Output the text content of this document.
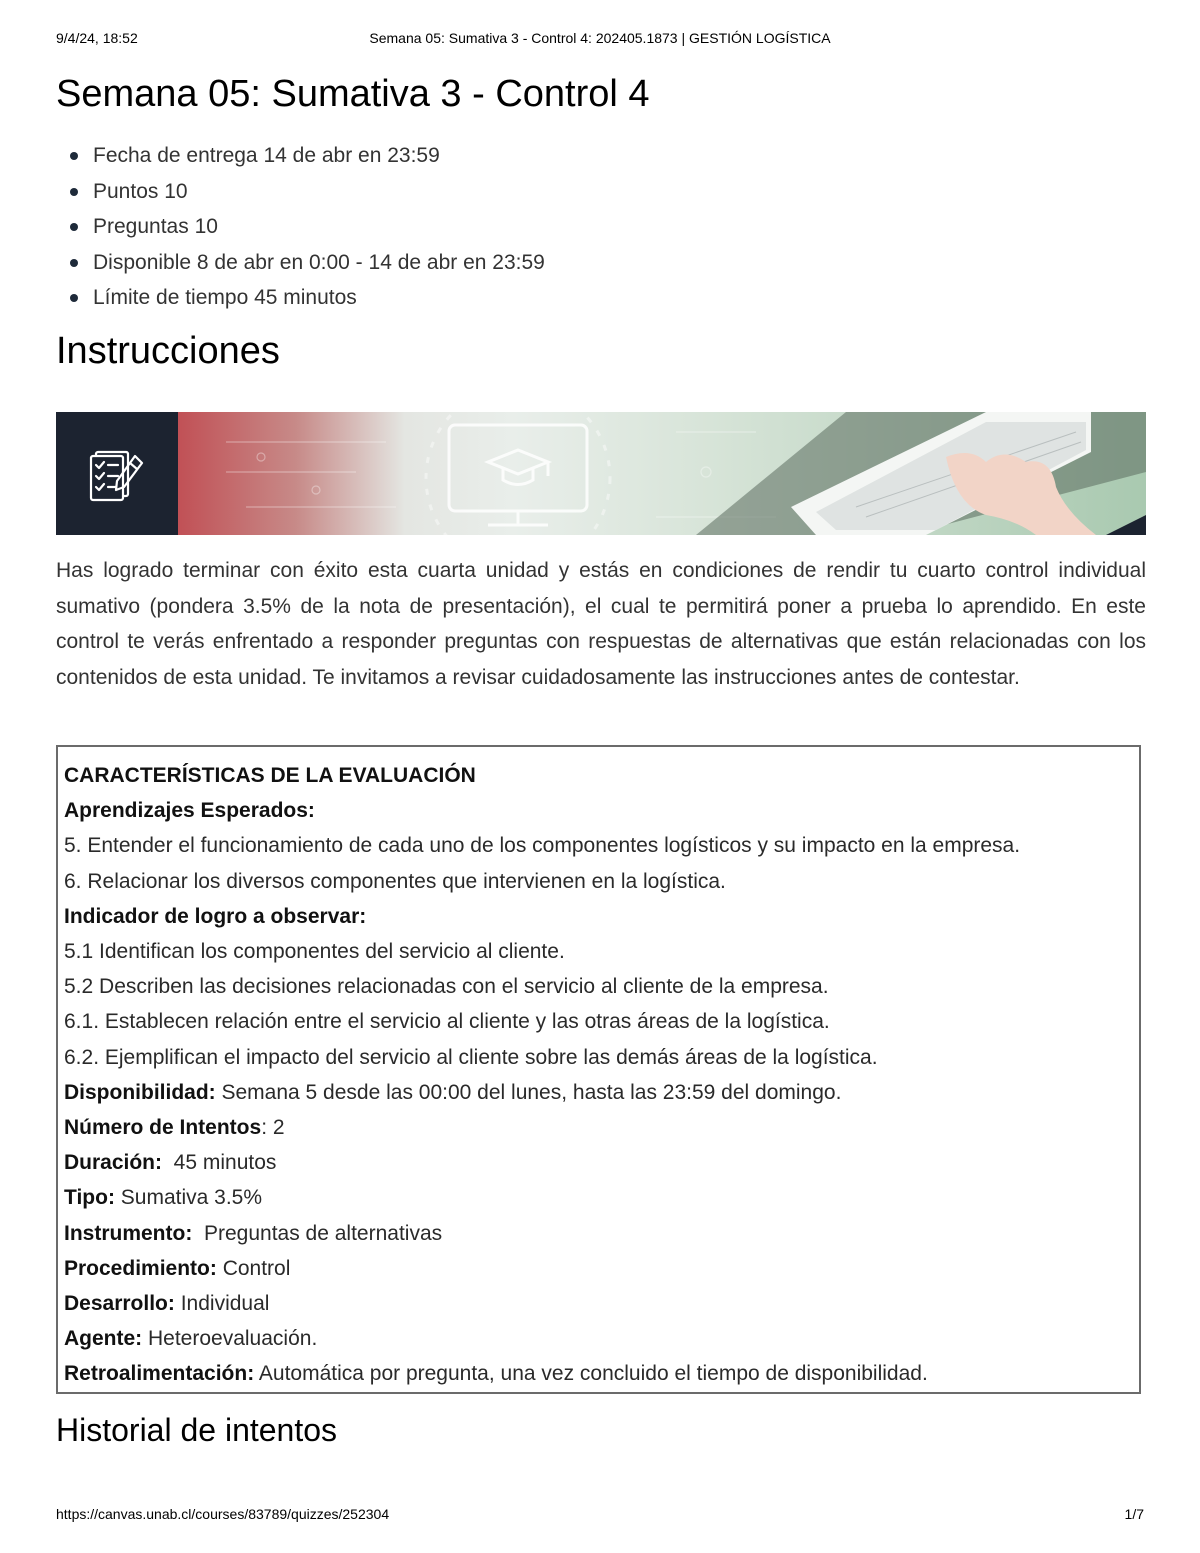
9/4/24, 18:52	Semana 05: Sumativa 3 - Control 4: 202405.1873 | GESTIÓN LOGÍSTICA
Semana 05: Sumativa 3 - Control 4
Fecha de entrega 14 de abr en 23:59
Puntos 10
Preguntas 10
Disponible 8 de abr en 0:00 - 14 de abr en 23:59
Límite de tiempo 45 minutos
Instrucciones

Has logrado terminar con éxito esta cuarta unidad y estás en condiciones de rendir tu cuarto control individual sumativo (pondera 3.5% de la nota de presentación), el cual te permitirá poner a prueba lo aprendido. En este control te verás enfrentado a responder preguntas con respuestas de alternativas que están relacionadas con los contenidos de esta unidad. Te invitamos a revisar cuidadosamente las instrucciones antes de contestar.

CARACTERÍSTICAS DE LA EVALUACIÓN
Aprendizajes Esperados:
5. Entender el funcionamiento de cada uno de los componentes logísticos y su impacto en la empresa.
6. Relacionar los diversos componentes que intervienen en la logística.
Indicador de logro a observar:
5.1 Identifican los componentes del servicio al cliente.
5.2 Describen las decisiones relacionadas con el servicio al cliente de la empresa.
6.1. Establecen relación entre el servicio al cliente y las otras áreas de la logística.
6.2. Ejemplifican el impacto del servicio al cliente sobre las demás áreas de la logística.
Disponibilidad: Semana 5 desde las 00:00 del lunes, hasta las 23:59 del domingo.
Número de Intentos: 2
Duración:  45 minutos
Tipo: Sumativa 3.5%
Instrumento:  Preguntas de alternativas
Procedimiento: Control
Desarrollo: Individual
Agente: Heteroevaluación.
Retroalimentación: Automática por pregunta, una vez concluido el tiempo de disponibilidad.
Historial de intentos
https://canvas.unab.cl/courses/83789/quizzes/252304	1/7
